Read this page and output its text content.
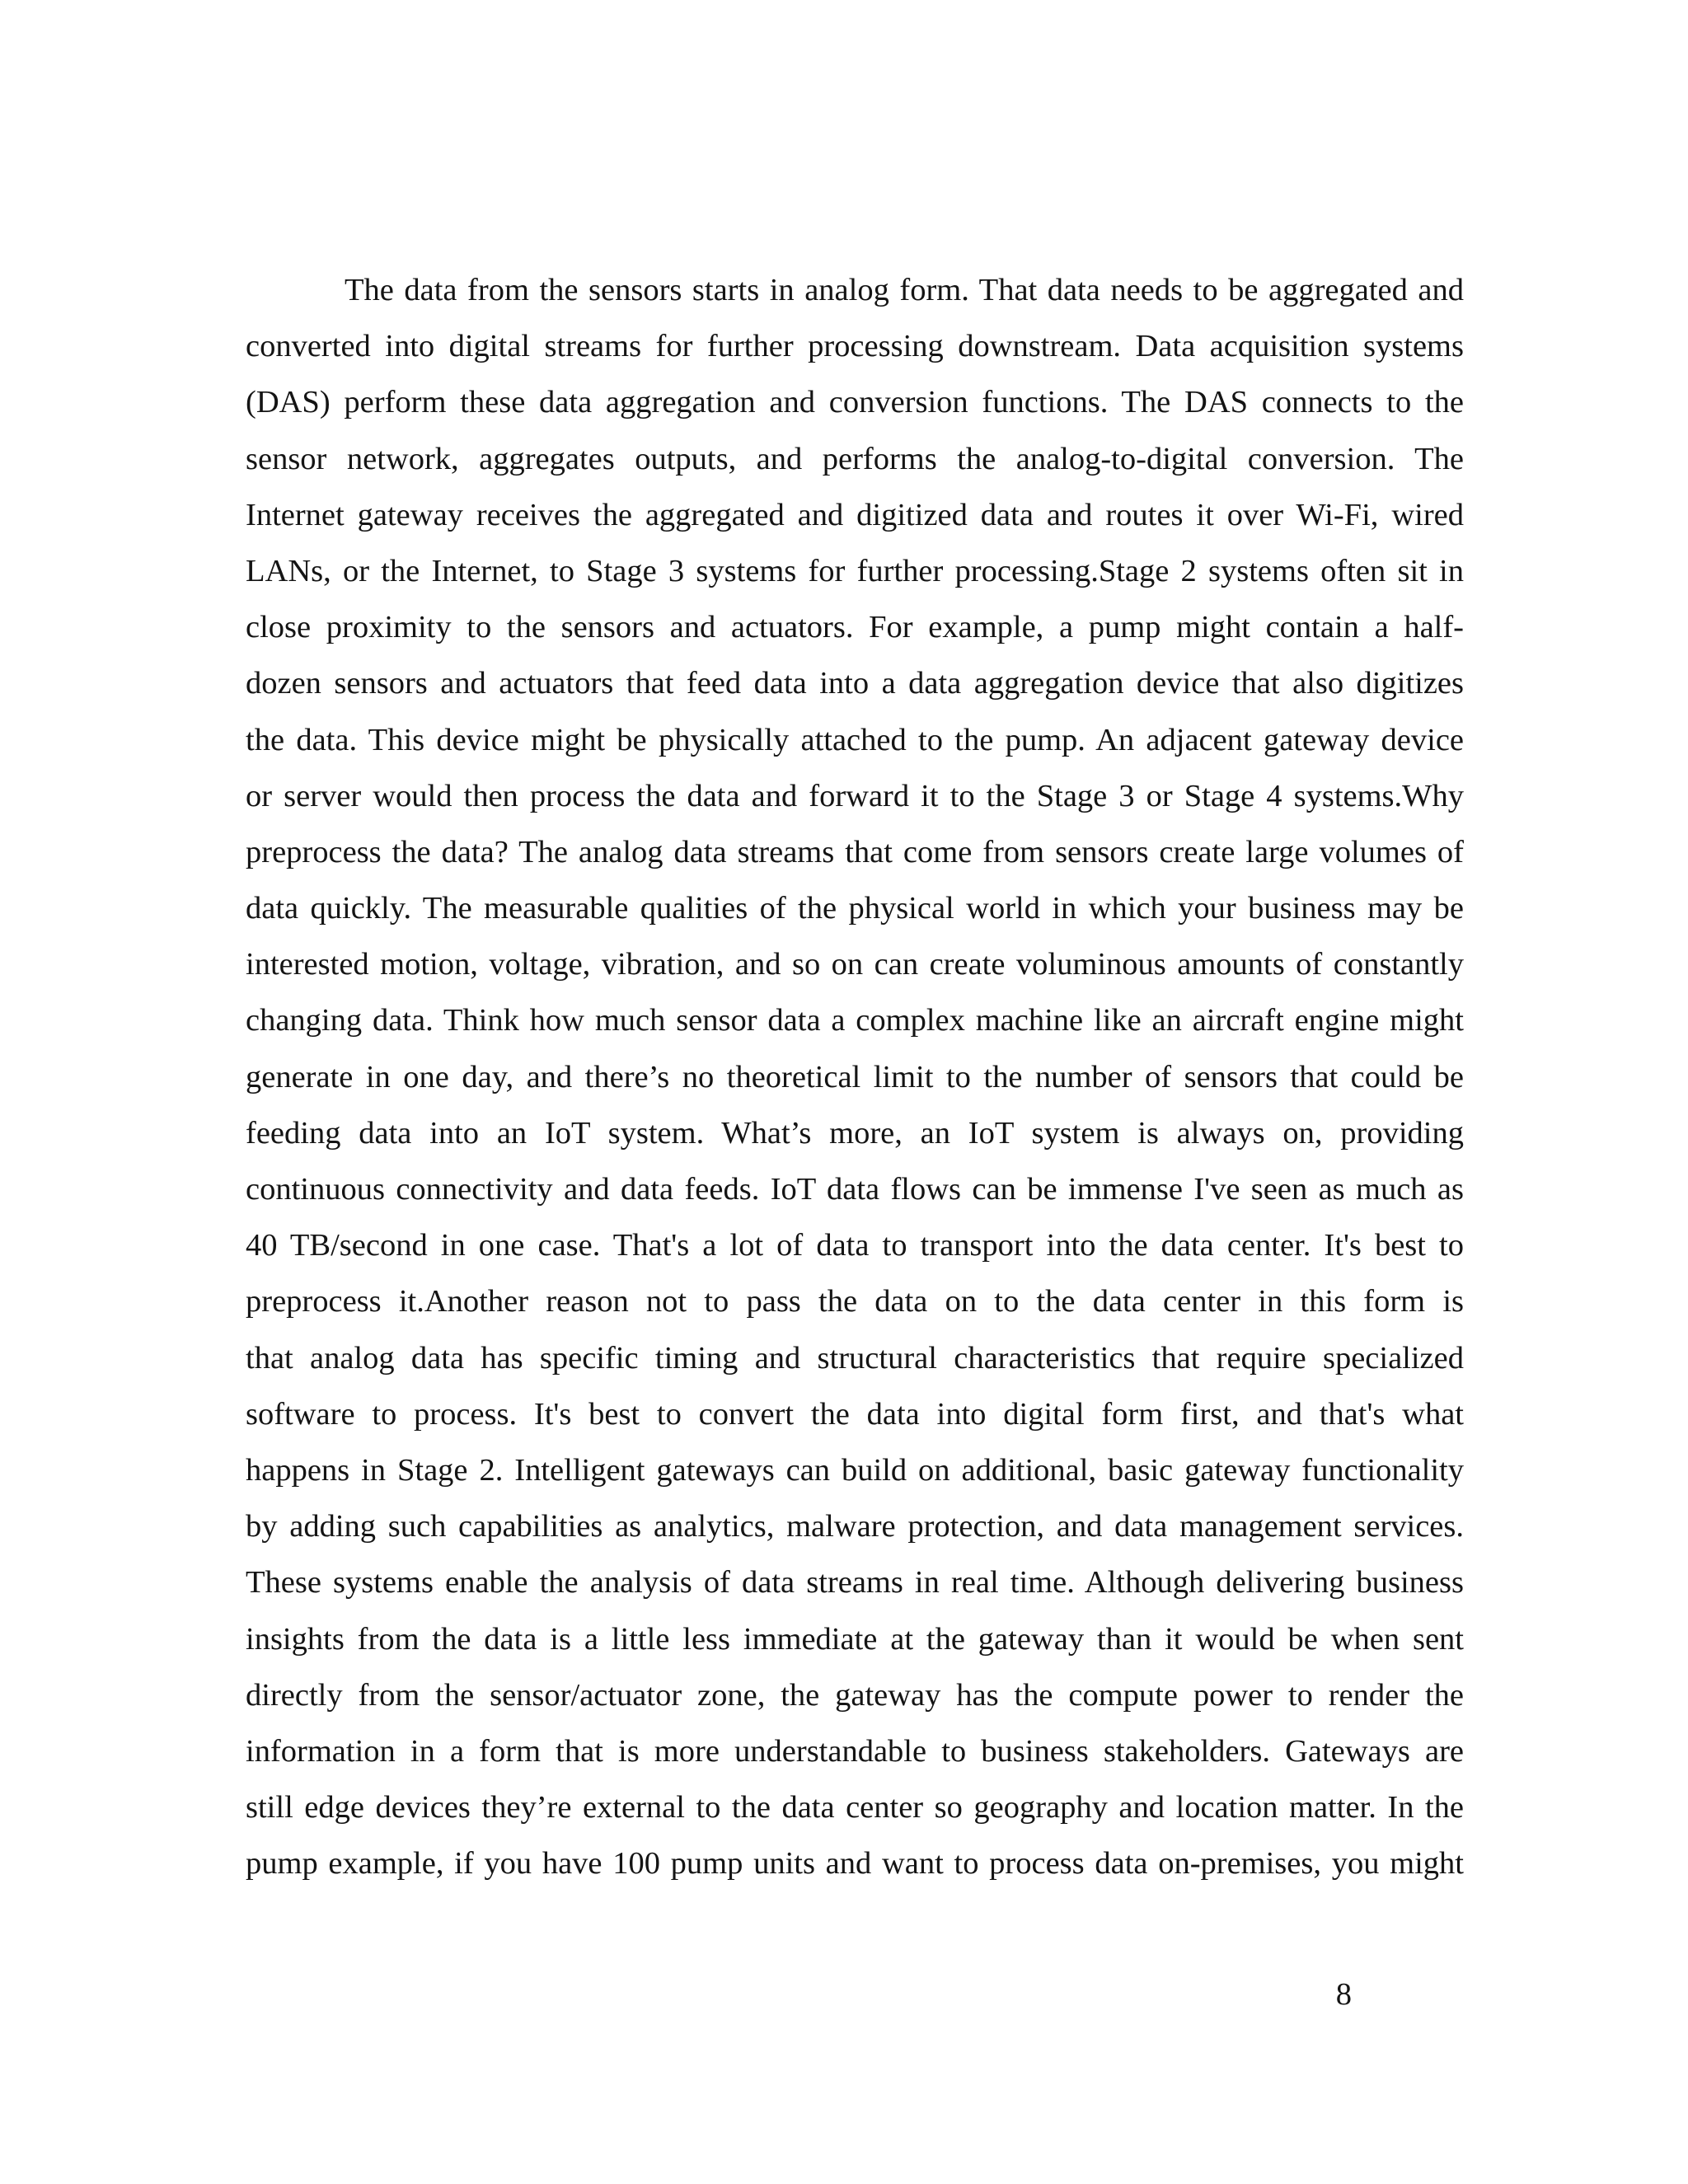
The data from the sensors starts in analog form. That data needs to be aggregated and
converted into digital streams for further processing downstream. Data acquisition systems
(DAS) perform these data aggregation and conversion functions. The DAS connects to the
sensor network, aggregates outputs, and performs the analog-to-digital conversion. The
Internet gateway receives the aggregated and digitized data and routes it over Wi-Fi, wired
LANs, or the Internet, to Stage 3 systems for further processing.Stage 2 systems often sit in
close proximity to the sensors and actuators. For example, a pump might contain a half-
dozen sensors and actuators that feed data into a data aggregation device that also digitizes
the data. This device might be physically attached to the pump. An adjacent gateway device
or server would then process the data and forward it to the Stage 3 or Stage 4 systems.Why
preprocess the data? The analog data streams that come from sensors create large volumes of
data quickly. The measurable qualities of the physical world in which your business may be
interested motion, voltage, vibration, and so on can create voluminous amounts of constantly
changing data. Think how much sensor data a complex machine like an aircraft engine might
generate in one day, and there’s no theoretical limit to the number of sensors that could be
feeding data into an IoT system. What’s more, an IoT system is always on, providing
continuous connectivity and data feeds. IoT data flows can be immense I've seen as much as
40 TB/second in one case. That's a lot of data to transport into the data center. It's best to
preprocess it.Another reason not to pass the data on to the data center in this form is
that analog data has specific timing and structural characteristics that require specialized
software to process. It's best to convert the data into digital form first, and that's what
happens in Stage 2. Intelligent gateways can build on additional, basic gateway functionality
by adding such capabilities as analytics, malware protection, and data management services.
These systems enable the analysis of data streams in real time. Although delivering business
insights from the data is a little less immediate at the gateway than it would be when sent
directly from the sensor/actuator zone, the gateway has the compute power to render the
information in a form that is more understandable to business stakeholders. Gateways are
still edge devices they’re external to the data center so geography and location matter. In the
pump example, if you have 100 pump units and want to process data on-premises, you might
8
